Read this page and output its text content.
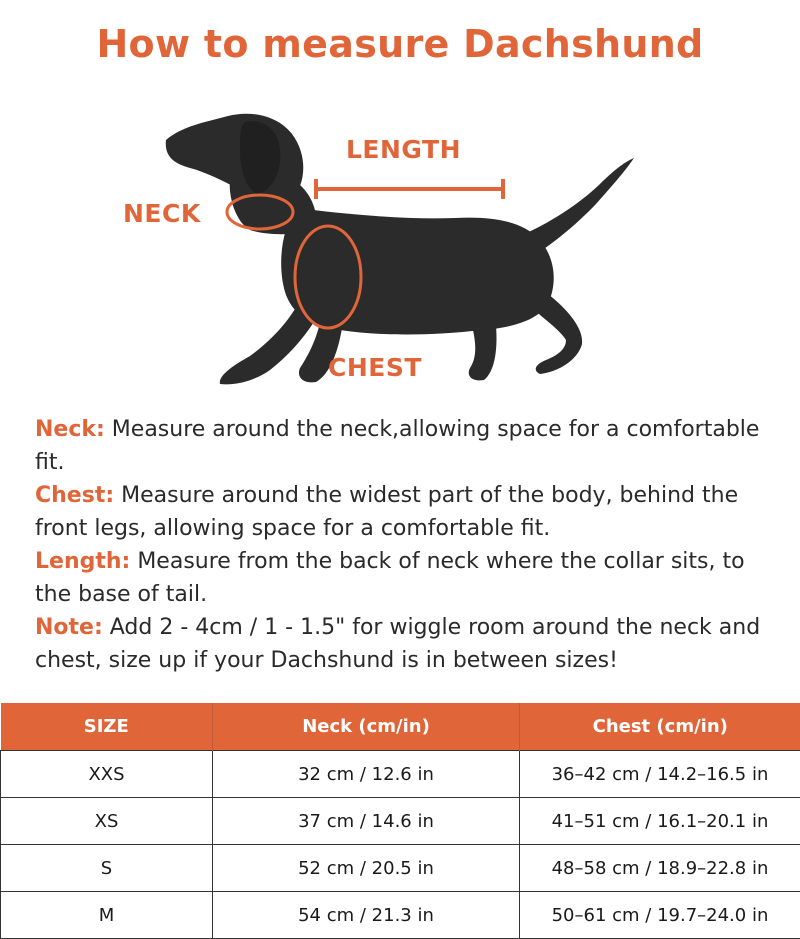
How to measure Dachshund
NECK
LENGTH
CHEST

Neck: Measure around the neck,allowing space for a comfortable fit.

Chest: Measure around the widest part of the body, behind the front legs, allowing space for a comfortable fit.

Length: Measure from the back of neck where the collar sits, to the base of tail.

Note: Add 2 - 4cm / 1 - 1.5" for wiggle room around the neck and chest, size up if your Dachshund is in between sizes!

SIZE	Neck (cm/in)	Chest (cm/in)
XXS	32 cm / 12.6 in	36–42 cm / 14.2–16.5 in
XS	37 cm / 14.6 in	41–51 cm / 16.1–20.1 in
S	52 cm / 20.5 in	48–58 cm / 18.9–22.8 in
M	54 cm / 21.3 in	50–61 cm / 19.7–24.0 in
